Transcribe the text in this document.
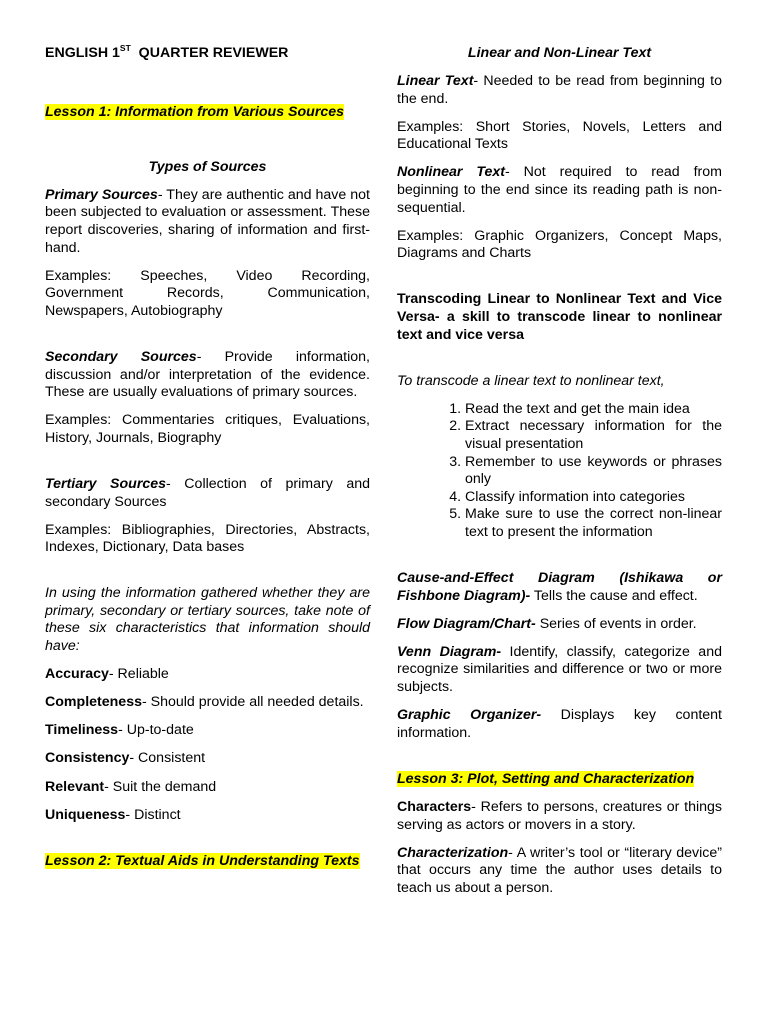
ENGLISH 1ST  QUARTER REVIEWER

Lesson 1: Information from Various Sources

Types of Sources

Primary Sources- They are authentic and have not been subjected to evaluation or assessment. These report discoveries, sharing of information and first-hand.

Examples: Speeches, Video Recording, Government Records, Communication, Newspapers, Autobiography

Secondary Sources- Provide information, discussion and/or interpretation of the evidence. These are usually evaluations of primary sources.

Examples: Commentaries critiques, Evaluations, History, Journals, Biography

Tertiary Sources- Collection of primary and secondary Sources

Examples: Bibliographies, Directories, Abstracts, Indexes, Dictionary, Data bases

In using the information gathered whether they are primary, secondary or tertiary sources, take note of these six characteristics that information should have:

Accuracy- Reliable

Completeness- Should provide all needed details.

Timeliness- Up-to-date

Consistency- Consistent

Relevant- Suit the demand

Uniqueness- Distinct

Lesson 2: Textual Aids in Understanding Texts

Linear and Non-Linear Text

Linear Text- Needed to be read from beginning to the end.

Examples: Short Stories, Novels, Letters and Educational Texts

Nonlinear Text- Not required to read from beginning to the end since its reading path is non-sequential.

Examples: Graphic Organizers, Concept Maps, Diagrams and Charts

Transcoding Linear to Nonlinear Text and Vice Versa- a skill to transcode linear to nonlinear text and vice versa

To transcode a linear text to nonlinear text,

1. Read the text and get the main idea
2. Extract necessary information for the visual presentation
3. Remember to use keywords or phrases only
4. Classify information into categories
5. Make sure to use the correct non-linear text to present the information

Cause-and-Effect Diagram (Ishikawa or Fishbone Diagram)- Tells the cause and effect.

Flow Diagram/Chart- Series of events in order.

Venn Diagram- Identify, classify, categorize and recognize similarities and difference or two or more subjects.

Graphic Organizer- Displays key content information.

Lesson 3: Plot, Setting and Characterization

Characters- Refers to persons, creatures or things serving as actors or movers in a story.

Characterization- A writer’s tool or “literary device” that occurs any time the author uses details to teach us about a person.
